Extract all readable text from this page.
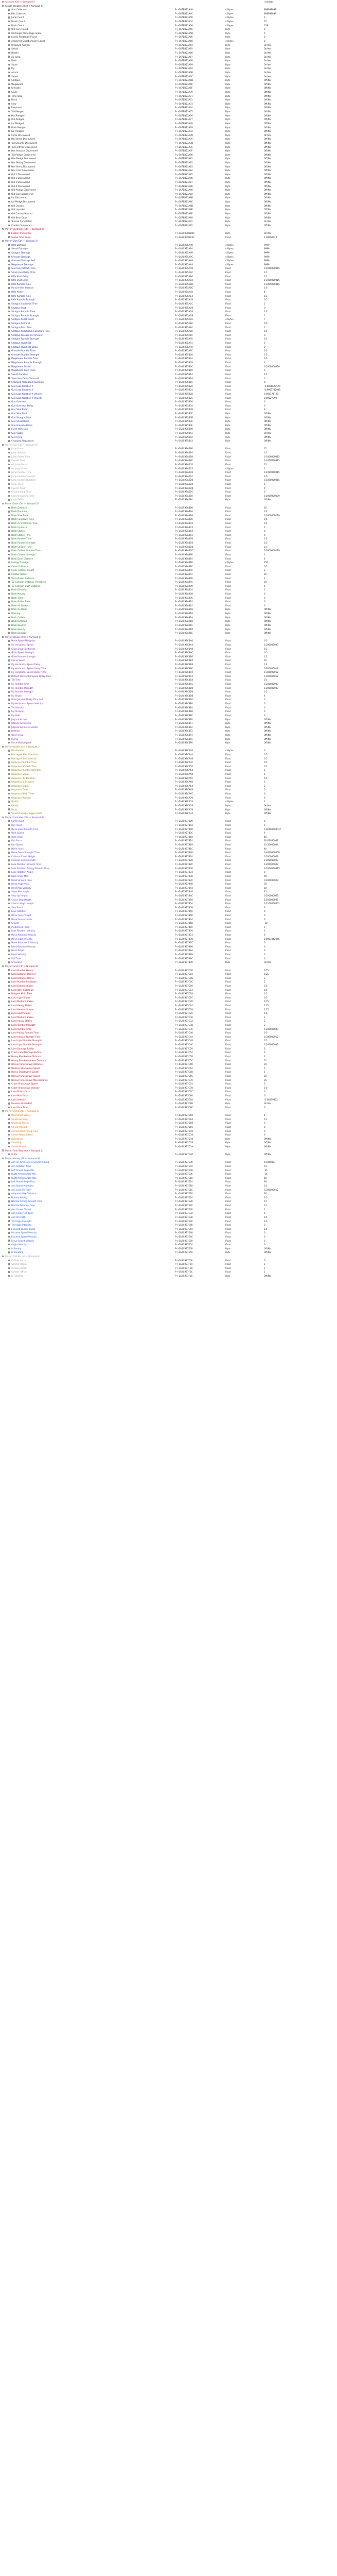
Activate (Ctrl + Numpad 0)	<script>
Global Variables (Ctrl + Numpad 1)
Stat Collected	P->167BB23A48	4 Bytes	999999999
Bits Collected	P->167BB23A4C	4 Bytes	999999999
Jump Count	P->167BB23A50	4 Bytes	0
Death Count	P->167BB23A54	4 Bytes	72
Dash Count	P->167BB23A58	4 Bytes	159
Old Core Found	P->167BB23A5C	Byte	0
Rectangle Mode Page Index	P->167BB23A5D	Byte	0
Lovely Rectangle Found	P->167BB23A5E	Byte	0
Answered Questionnaire Count	P->167BB23A60	4 Bytes	0
Unlocked Abilities	P->167BB23A64	Byte	On/Yes
Sword	P->167BB23A65	Byte	On/Yes
Missile	P->167BB23A66	Byte	On/Yes
Air Jump	P->167BB23A67	Byte	On/Yes
Dash	P->167BB23A68	Byte	On/Yes
Shoot	P->167BB23A69	Byte	On/Yes
Fly	P->167BB23A6A	Byte	On/Yes
Attack	P->167BB23A6B	Byte	On/Yes
Shield	P->167BB23A6C	Byte	On/Yes
Shotgun	P->167BB23A6D	Byte	Off/No
Megabeam	P->167BB23A6E	Byte	Off/No
Grenade	P->167BB23A6F	Byte	Off/No
Clone	P->167BB23A70	Byte	Off/No
Time Stop	P->167BB23A71	Byte	Off/No
Block	P->167BB23A72	Byte	Off/No
Slow	P->167BB23A73	Byte	Off/No
Response	P->167BB23A74	Byte	Off/No
Tail Pledged	P->167BB23A75	Byte	Off/No
Hor Pledged	P->167BB23A76	Byte	Off/No
Old Pledged	P->167BB23A77	Byte	Off/No
Ice Pledged	P->167BB23A78	Byte	Off/No
Dash Pledged	P->167BB23A79	Byte	Off/No
Liz Pledged	P->167BB23A7A	Byte	Off/No
Initial Discovered	P->167BB23A7B	Byte	On/Yes
Hes Strike Discovered	P->167BB23A7C	Byte	Off/No
Tail Security Discovered	P->167BB23A7D	Byte	Off/No
Tail Fortress Discovered	P->167BB23A7E	Byte	Off/No
Hes Ambush Discovered	P->167BB23A7F	Byte	Off/No
Tail Pledge Discovered	P->167BB23A80	Byte	Off/No
Hes Pledge Discovered	P->167BB23A81	Byte	Off/No
Hes Sentry Discovered	P->167BB23A82	Byte	Off/No
Hes Arena Discovered	P->167BB23A83	Byte	Off/No
Hes Core Discovered	P->167BB23A84	Byte	Off/No
Old 1 Discovered	P->167BB23A85	Byte	Off/No
Old 2 Discovered	P->167BB23A86	Byte	Off/No
Old 3 Discovered	P->167BB23A87	Byte	Off/No
Old 4 Discovered	P->167BB23A88	Byte	Off/No
Old Pledge Discovered	P->167BB23A89	Byte	Off/No
Old Core Discovered	P->167BB23A8A	Byte	Off/No
Ice Discovered	P->167BB23A8B	Byte	Off/No
Ice Pledge Discovered	P->167BB23A8C	Byte	Off/No
Old Cocoon	P->167BB23A8D	Byte	Off/No
Old Lopsided	P->167BB23A8E	Byte	Off/No
Old Cocoon Beacon	P->167BB23A8F	Byte	Off/No
Old Boss Dead	P->167BB23A90	Byte	Off/No
Tutorial Completed	P->167BB23A91	Byte	On/Yes
Credits Completed	P->167BB23A92	Byte	Off/No
Player Controller (Ctrl + Numpad 2)
Enable Immunities	P->1A2C9C88B80	Byte	On/Yes
Global Time Scale	P->1A2C9C88C4C	Float	1.00000023
Player Stat (Ctrl + Numpad 3)
Rifle Damage	P->1A2C9E5A90	4 Bytes	9999
Sword Damage	P->1A2C9E5A94	4 Bytes	9999
Shotgun Damage	P->1A2C9E5A98	4 Bytes	9999
Grenade Damage	P->1A2C9E5A9C	4 Bytes	9999
Grenade Damage Self	P->1A2C9E5AA0	4 Bytes	9999
Megabeam Damage	P->1A2C9E5AA4	4 Bytes	9999
Gun Gun Refresh Time	P->1A2C9E5AA8	Float	0.1000000015
Shoot Gun Delay Time	P->1A2C9E5AAC	Float	0.1
Rifle Shot Delay	P->1A2C9E5AB0	Float	0.1
Rifle Shot Limit	P->1A2C9E5AB4	Float	0.1000000015
Rifle Rumble Time	P->1A2C9E5AB8	Float	0.1000000015
Pursuit Shot Interval	P->1A2C9E5ABC	Float	0.5
Rifle Power	P->1A2C9E5AC0	Float	4
Rifle Rumble Time	P->1A2C9E5AC4	Float	0.2
Rifle Rumble Strength	P->1A2C9E5AC8	Float	0.5
Shotgun Cooldown Time	P->1A2C9E5ACC	Float	1
Shotgun Shot	P->1A2C9E5AD0	Float	0
Shotgun Rumble Time	P->1A2C9E5AD4	Float	0.3
Shotgun Rumble Strength	P->1A2C9E5AD8	Float	1
Shotgun Pellet Count	P->1A2C9E5ADC	4 Bytes	7
Shotgun Pell Shot	P->1A2C9E5AE0	Float	0.5
Shotgun Blast Size	P->1A2C9E5AE4	Float	1
Shotgun Knockback Cooldown Time	P->1A2C9E5AE8	Float	0.5
Shotgun Release Rel Amount	P->1A2C9E5AEC	Float	0
Shotgun Rumble Strength	P->1A2C9E5AF0	Float	0.5
Shotgun Overheat	P->1A2C9E5AF4	Float	0
Shotgun Overheat Delay	P->1A2C9E5AF8	Float	0
Grenade Rumble Time	P->1A2C9E5AFC	Float	0.3
Grenade Rumble Strength	P->1A2C9E5B00	Float	1.5
Megabeam Rumble Time	P->1A2C9E5B04	Float	0.5
Megabeam Rumble Strength	P->1A2C9E5B08	Float	1
Megabeam Stable	P->1A2C9E5B0C	Float	0.2000000029
Megabeam Push Force	P->1A2C9E5B10	Float	0
Sword Duration	P->1A2C9E5B14	Float	0.5
Slam Gun Delay Time Left	P->1A2C9E5B18	Float	0
Charging Megabeam Duration	P->1A2C9E5B1C	Float	0
Gun Look Rotation X	P->1A2C9E5B20	Float	-0.6066677570
Gun Look Rotation Y	P->1A2C9E5B24	Float	-0.8997782085
Gun Look Rotation X Velocity	P->1A2C9E5B28	Float	0.008176728
Gun Look Rotation Y Velocity	P->1A2C9E5B2C	Float	0.00127799
Gun Overheat	P->1A2C9E5B30	Float	0
Gun Overheat Delay	P->1A2C9E5B34	Float	0
Gun Shot Beam	P->1A2C9E5B38	Float	0
Gun Shot Shot	P->1A2C9E5B3C	Byte	Off/No
Gun Shotgun Shot	P->1A2C9E5B3D	Byte	Off/No
Gun Shoot Beam	P->1A2C9E5B3E	Byte	Off/No
Gun Grenade Beam	P->1A2C9E5B3F	Byte	Off/No
Force Hide Gun	P->1A2C9E5B40	Byte	Off/No
Gun Visible	P->1A2C9E5B41	Byte	On/Yes
Gun Firing	P->1A2C9E5B42	Byte	Off/No
Charging Megabeam	P->1A2C9E5B43	Byte	Off/No
Player Gun (Ctrl + Numpad 4)
Jump Force	P->1A2C9EA6B0	Float	12
Jump Tension	P->1A2C9EA6B4	Float	0.1
Jump Buffer Time	P->1A2C9EA6B8	Float	0.1000000015
Coyote Time	P->1A2C9EA6BC	Float	0.1000000015
Air Jump Force	P->1A2C9EA6C0	Float	12
Air Jump Count	P->1A2C9EA6C4	4 Bytes	1
Jump Rumble Time	P->1A2C9EA6C8	Float	0.1000000015
Jump Rumble Strength	P->1A2C9EA6CC	Float	0.5
Jump Rumble Duration	P->1A2C9EA6D0	Float	0.1000000015
Jump Timer	P->1A2C9EA6D4	Float	0
Coyote Timer	P->1A2C9EA6D8	Float	0
Ground Jump Time	P->1A2C9EA6DC	Float	0
Second Landing Time	P->1A2C9EA6E0	Float	0.2000000029
Jump Buffer	P->1A2C9EA6E4	Byte	Off/No
Player Dash (Ctrl + Numpad 5)
Dash Distance	P->1A2C9EA8B0	Float	10
Dash Duration	P->1A2C9EA8B4	Float	0.2
Dash Max Time	P->1A2C9EA8B8	Float	0.3000000119
Dash Cooldown Time	P->1A2C9EA8BC	Float	0.5
Dash Air Cooldown Time	P->1A2C9EA8C0	Float	0.5
Dash Up Force	P->1A2C9EA8C4	Float	2
Dash Stakes	P->1A2C9EA8C8	Float	0
Dash Stakes Time	P->1A2C9EA8CC	Float	0
Dash Rumble Time	P->1A2C9EA8D0	Float	0.2
Dash Rumble Strength	P->1A2C9EA8D4	Float	0.5
Dash Collider Time	P->1A2C9EA8D8	Float	0.3
Dash Collider Rumble Time	P->1A2C9EA8DC	Float	0.3000000119
Dash Collider Strength	P->1A2C9EA8E0	Float	1
Dash Dash Distance	P->1A2C9EA8E4	Float	4
Energy Damage	P->1A2C9EA8E8	4 Bytes	250
Clone Collider Y	P->1A2C9EA8EC	Float	0.5
Clone Collider Height	P->1A2C9EA8F0	Float	1
Collider Radius	P->1A2C9EA8F4	Float	20
Tar Collision Distance	P->1A2C9EA8F8	Float	2
Tar Collision Distance Threshold	P->1A2C9EA8FC	Float	10
Tar Collision Dash Distance	P->1A2C9EA900	Float	5
Dash Direction	P->1A2C9EA904	Float	1
Dash Moving	P->1A2C9EA908	Float	0
Dash Timer	P->1A2C9EA90C	Float	0
Dash Buffer Timer	P->1A2C9EA910	Float	0
Dash Air Dashed	P->1A2C9EA914	Float	0
Dash On Dash	P->1A2C9EA918	Byte	Off/No
Dashing	P->1A2C9EA919	Byte	Off/No
Dash Collided	P->1A2C9EA91A	Byte	Off/No
Dash Buffered	P->1A2C9EA91B	Byte	Off/No
Dash Boosted	P->1A2C9EA91C	Byte	Off/No
Dash Bouncy	P->1A2C9EA91D	Byte	Off/No
Dash Damage	P->1A2C9EA91E	Byte	Off/No
Player Jetpack (Ctrl + Numpad 6)
Move Speed Multiplier	P->1A2C9EC8A0	Float	0.5
Fly Horizontal Speed	P->1A2C9EC8A4	Float	0.200000003
Glide Drag Coefficient	P->1A2C9EC8A8	Float	0.2
Glide Speed Strength	P->1A2C9EC8AC	Float	0.5
Glide Rumble Strength	P->1A2C9EC8B0	Float	0.2
Flying Speed	P->1A2C9EC8B4	Float	10
Fly Horizontal Speed Delay	P->1A2C9EC8B8	Float	0.2
Fly Horizontal Speed Delay Time	P->1A2C9EC8BC	Float	0.300000012
Fly Horizontal Speed Delay Time	P->1A2C9EC8C0	Float	0.300000012
Default Horizontal Speed Delay Time	P->1A2C9EC8C4	Float	0.300000012
Tilt Time	P->1A2C9EC8C8	Float	0.1
Fly Rumble Time	P->1A2C9EC8CC	Float	0.200000003
Fly Rumble Strength	P->1A2C9EC8D0	Float	0.200000003
Fly Rumble Strength	P->1A2C9EC8D4	Float	0.2
Fly Shake	P->1A2C9EC8D8	Float	4
Glide Jetpack Delay Time Left	P->1A2C9EC8DC	Float	0
Fly Horizontal Speed Velocity	P->1A2C9EC8E0	Float	0
Tilt Velocity	P->1A2C9EC8E4	Float	0
Fly Amount	P->1A2C9EC8E8	Float	0
Fly Held	P->1A2C9EC8EC	Float	0
Jetpack Active	P->1A2C9EC8F0	Byte	Off/No
Jetpack Activating	P->1A2C9EC8F1	Byte	Off/No
Jetpack Rendered Visible	P->1A2C9EC8F2	Byte	Off/No
Holding	P->1A2C9EC8F3	Byte	Off/No
Was Flying	P->1A2C9EC8F4	Byte	Off/No
Flying	P->1A2C9EC8F5	Byte	Off/No
Force Hide Jetpack	P->1A2C9EC8F6	Byte	Off/No
Player Health (Ctrl + Numpad 7)
Max Health	P->1A2C9ECA40	4 Bytes	3
Damaged Blink Duration	P->1A2C9ECA44	Float	0.5
Damaged Blink Interval	P->1A2C9ECA48	Float	0.1
Response Rumble Time	P->1A2C9ECA4C	Float	0.5
Response Smooth Time	P->1A2C9ECA50	Float	0.2
Response Rumble Strength	P->1A2C9ECA54	Float	1
Response Stakes	P->1A2C9ECA58	Float	0
Response 3D Duration	P->1A2C9ECA5C	Float	0.5
Response Knockback	P->1A2C9ECA60	Float	5
Response Stakes	P->1A2C9ECA64	Float	1
Response Timer	P->1A2C9ECA68	Float	0
Response Blink Timer	P->1A2C9ECA6C	Float	0
Response Position	P->1A2C9ECA70	Float	0
Health	P->1A2C9ECA74	4 Bytes	3
Ready	P->1A2C9ECA78	Byte	On/Yes
Dead	P->1A2C9ECA79	Byte	Off/No
Shield Damage Trigger Exist	P->1A2C9ECA7A	Byte	Off/No
Player Controller (Ctrl + Numpad 8)
Sprite Input	P->1A2C9E7B00	Float	0
Run Input	P->1A2C9E7B04	Float	0
Move Input Smooth Time	P->1A2C9E7B08	Float	0.02500000037
Walk Speed	P->1A2C9E7B0C	Float	6
Walk Accel	P->1A2C9E7B10	Float	40
Run Force	P->1A2C9E7B14	Float	30.61050001
Run Speed	P->1A2C9E7B18	Float	10.50000004
Move Force	P->1A2C9E7B1C	Float	40
Move Force Strength Time	P->1A2C9E7B20	Float	0.4000000059
Collision Check Height	P->1A2C9E7B24	Float	0.200000003
Collision Check Length	P->1A2C9E7B28	Float	0.200000003
Look Rotation Smooth Time	P->1A2C9E7B2C	Float	0.200000003
Look Rotation Aiming Smooth Time	P->1A2C9E7B30	Float	0.1000000015
Look Rotation Angle	P->1A2C9E7B34	Float	0
Back Angle Max	P->1A2C9E7B38	Float	90
Bend Smooth Time	P->1A2C9E7B3C	Float	0.200000003
Bend Angle Max	P->1A2C9E7B40	Float	30
Bend Max Velocity	P->1A2C9E7B44	Float	10
Slope Max Angle	P->1A2C9E7B48	Float	45
Step Up Height	P->1A2C9E7B4C	Float	0.200000003
Check Step Height	P->1A2C9E7B50	Float	0.500000007
Check Length Height	P->1A2C9E7B54	Float	0.1100000001
Step Force	P->1A2C9E7B58	Float	3
Look Rotation	P->1A2C9E7B5C	Float	0
Move Force Target	P->1A2C9E7B60	Float	0
Move Force Current	P->1A2C9E7B64	Float	0
Gravity	P->1A2C9E7B68	Float	-20
Predefined Force	P->1A2C9E7B6C	Float	0
Look Rotation Velocity	P->1A2C9E7B70	Float	0
Move Rotation Velocity	P->1A2C9E7B74	Float	0
Move Input Velocity	P->1A2C9E7B78	Float	0.0001862645
Move Rotation X Velocity	P->1A2C9E7B7C	Float	0
Bend Rotation Velocity	P->1A2C9E7B80	Float	0
Bend Target	P->1A2C9E7B84	Float	0
Bend Velocity	P->1A2C9E7B88	Float	0
Fall Time	P->1A2C9E7B8C	Float	0
Grounded	P->1A2C9E7B90	Byte	On/Yes
Player Land (Ctrl + Numpad 9)
Land Rumble Heavy	P->1A2C9E7C00	Float	0.75
Land Distance Heavier	P->1A2C9E7C04	Float	0.25
Land Distance Heavy	P->1A2C9E7C08	Float	3
Land Rumble Cooldown	P->1A2C9E7C0C	Float	5
Land Distance Light	P->1A2C9E7C10	Float	0.5
Land Jitter Cooldown	P->1A2C9E7C14	Float	0.5
Delayed Multi Time	P->1A2C9E7C18	Float	0.1
Land Light Stakes	P->1A2C9E7C1C	Float	0.5
Land Medium Stakes	P->1A2C9E7C20	Float	0.75
Land Heavy Stakes	P->1A2C9E7C24	Float	1.25
Land Heavier Stakes	P->1A2C9E7C28	Float	1.75
Land Light Stakes	P->1A2C9E7C2C	Float	0.5
Land Medium Stakes	P->1A2C9E7C30	Float	1
Land Heavy Stakes	P->1A2C9E7C34	Float	2
Land Rumble Strength	P->1A2C9E7C38	Float	3
Land Rumble Time	P->1A2C9E7C3C	Float	0.200000003
Land Heavy Rumble Time	P->1A2C9E7C40	Float	0.5
Land Heavier Rumble Time	P->1A2C9E7C44	Float	0.300000012
Land Light Rumble Strength	P->1A2C9E7C48	Float	0.5
Land Light Rumble Strength	P->1A2C9E7C4C	Float	0.200000003
Land Damage Radius	P->1A2C9E7C50	Float	3
Crash Land Damage Radius	P->1A2C9E7C54	Float	2
Heavy Shockwave Distance	P->1A2C9E7C58	Float	3
Heavy Shockwave Max Distance	P->1A2C9E7C5C	Float	12
Heavier Shockwave Distance	P->1A2C9E7C60	Float	20
Medium Shockwave Speed	P->1A2C9E7C64	Float	5
Heavy Shockwave Speed	P->1A2C9E7C68	Float	5
Heavier Shockwave Speed	P->1A2C9E7C6C	Float	10
Heavier Shockwave Max Distance	P->1A2C9E7C70	Float	35
Crash Shockwave Speed	P->1A2C9E7C74	Float	5
Crash Shockwave Velocity	P->1A2C9E7C78	Float	0.5
Land Shock Force	P->1A2C9E7C7C	Float	0
Land Max Force	P->1A2C9E7C80	Float	0
Land Velocity	P->1A2C9E7C84	Float	-7.26439952
Previous Grounded	P->1A2C9E7C88	Byte	On/Yes
Land Final Time	P->1A2C9E7C8C	Float	0
Player Shield (Alt + Numpad 1)
Max Shield Value	P->1A2C9E7D00	Float	4
Shield Recovery	P->1A2C9E7D04	Float	0.1
Resumed Shield	P->1A2C9E7D08	Float	0
Shield Amount	P->1A2C9E7D0C	Float	0
Current Recovering Time	P->1A2C9E7D10	Float	0
Shield Meter Stakes	P->1A2C9E7D14	Float	0
Upgrading	P->1A2C9E7D18	Byte	Off/No
Shielding	P->1A2C9E7D19	Byte	Off/No
Shield Blocked	P->1A2C9E7D1A	Byte	Off/No
Player Time Slow (Alt + Numpad 2)
Is Slo	P->1A2C9E7D40	Byte	Off/No
Player Aiming (Alt + Numpad 3)
Aim Air Time Before Cancel Aiming	P->1A2C9E7E00	Float	0.1000001
Aim Rotation Time	P->1A2C9E7E04	Float	0.1
Left Aimed Angle Min	P->1A2C9E7E08	Float	-35
Right Aimed Angle Min	P->1A2C9E7E0C	Float	-35
Right Aimed Angle Max	P->1A2C9E7E10	Float	60
Left Aimed Angle Max	P->1A2C9E7E14	Float	60
Aim Speed Multiplier	P->1A2C9E7E18	Float	0.5
Aim Lock On Time	P->1A2C9E7E1C	Float	0.300000012
Aimpoint Max Distance	P->1A2C9E7E20	Float	30
Normal Aiming	P->1A2C9E7E24	Float	0.5
Normal Aiming Smooth Time	P->1A2C9E7E28	Float	0.1
Normal Rotation Time	P->1A2C9E7E2C	Float	0.1
Aim Corner Thrust	P->1A2C9E7E30	Float	1
Aim Corner Tilt Lean	P->1A2C9E7E34	Float	1
Aim Strength	P->1A2C9E7E38	Float	0.5
Tilt Angle Strength	P->1A2C9E7E3C	Float	0.5
Tilt Angle Intensity	P->1A2C9E7E40	Float	2
Focused Speed Target	P->1A2C9E7E44	Float	0.4
Focused Speed Velocity	P->1A2C9E7E48	Float	0
Focused Speed Velocity	P->1A2C9E7E4C	Float	0
Focus Speed Velocity	P->1A2C9E7E50	Float	0
Angle Velocity	P->1A2C9E7E54	Float	0
Is Aiming	P->1A2C9E7E58	Byte	Off/No
Is Shooting	P->1A2C9E7E59	Byte	Off/No
Player Collider (Alt + Numpad 4)
Collider Force	P->1A2C9E7F00	Float	0
Collider Radius	P->1A2C9E7F04	Float	1
Collider Height	P->1A2C9E7F08	Float	1
Collider Offset	P->1A2C9E7F0C	Float	1
Is Colliding	P->1A2C9E7F10	Byte	Off/No
